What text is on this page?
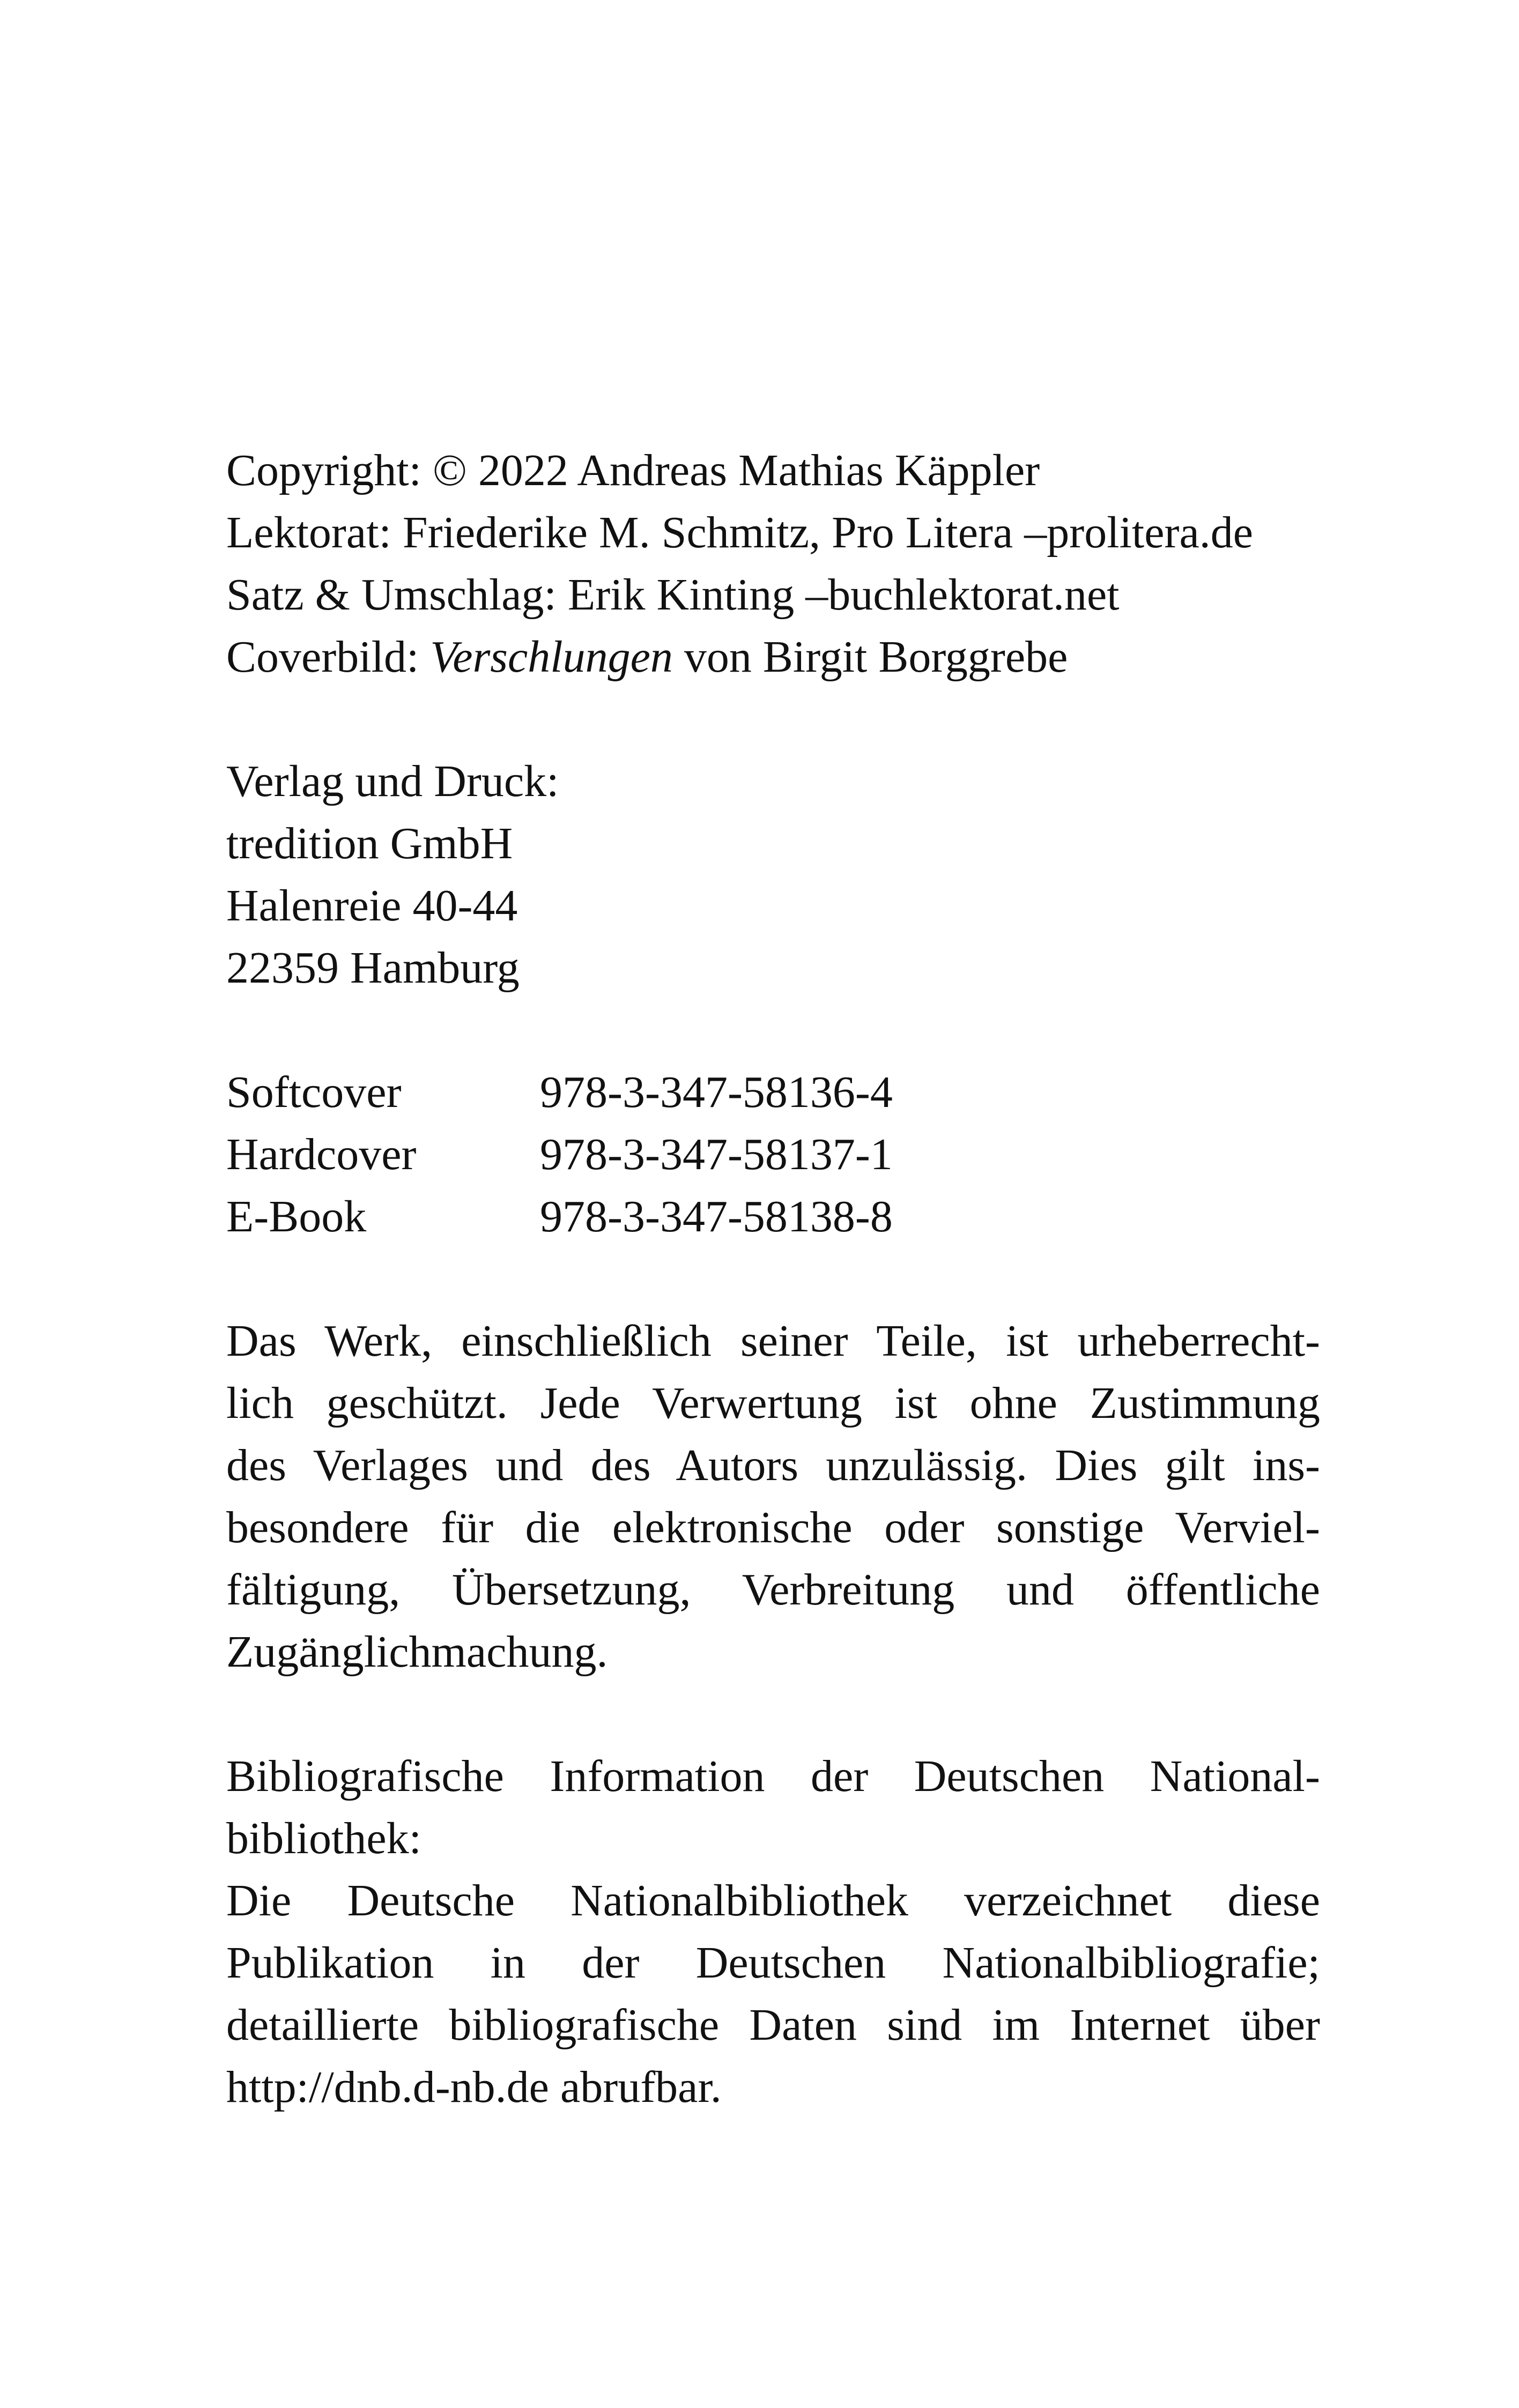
Copyright: © 2022 Andreas Mathias Käppler
Lektorat: Friederike M. Schmitz, Pro Litera –prolitera.de
Satz & Umschlag: Erik Kinting –buchlektorat.net
Coverbild: Verschlungen von Birgit Borggrebe
Verlag und Druck:
tredition GmbH
Halenreie 40-44
22359 Hamburg
Softcover	978-3-347-58136-4
Hardcover	978-3-347-58137-1
E-Book	978-3-347-58138-8
Das Werk, einschließlich seiner Teile, ist urheberrecht-
lich geschützt. Jede Verwertung ist ohne Zustimmung
des Verlages und des Autors unzulässig. Dies gilt ins-
besondere für die elektronische oder sonstige Verviel-
fältigung, Übersetzung, Verbreitung und öffentliche
Zugänglichmachung.
Bibliografische Information der Deutschen National-
bibliothek:
Die Deutsche Nationalbibliothek verzeichnet diese
Publikation in der Deutschen Nationalbibliografie;
detaillierte bibliografische Daten sind im Internet über
http://dnb.d-nb.de abrufbar.
